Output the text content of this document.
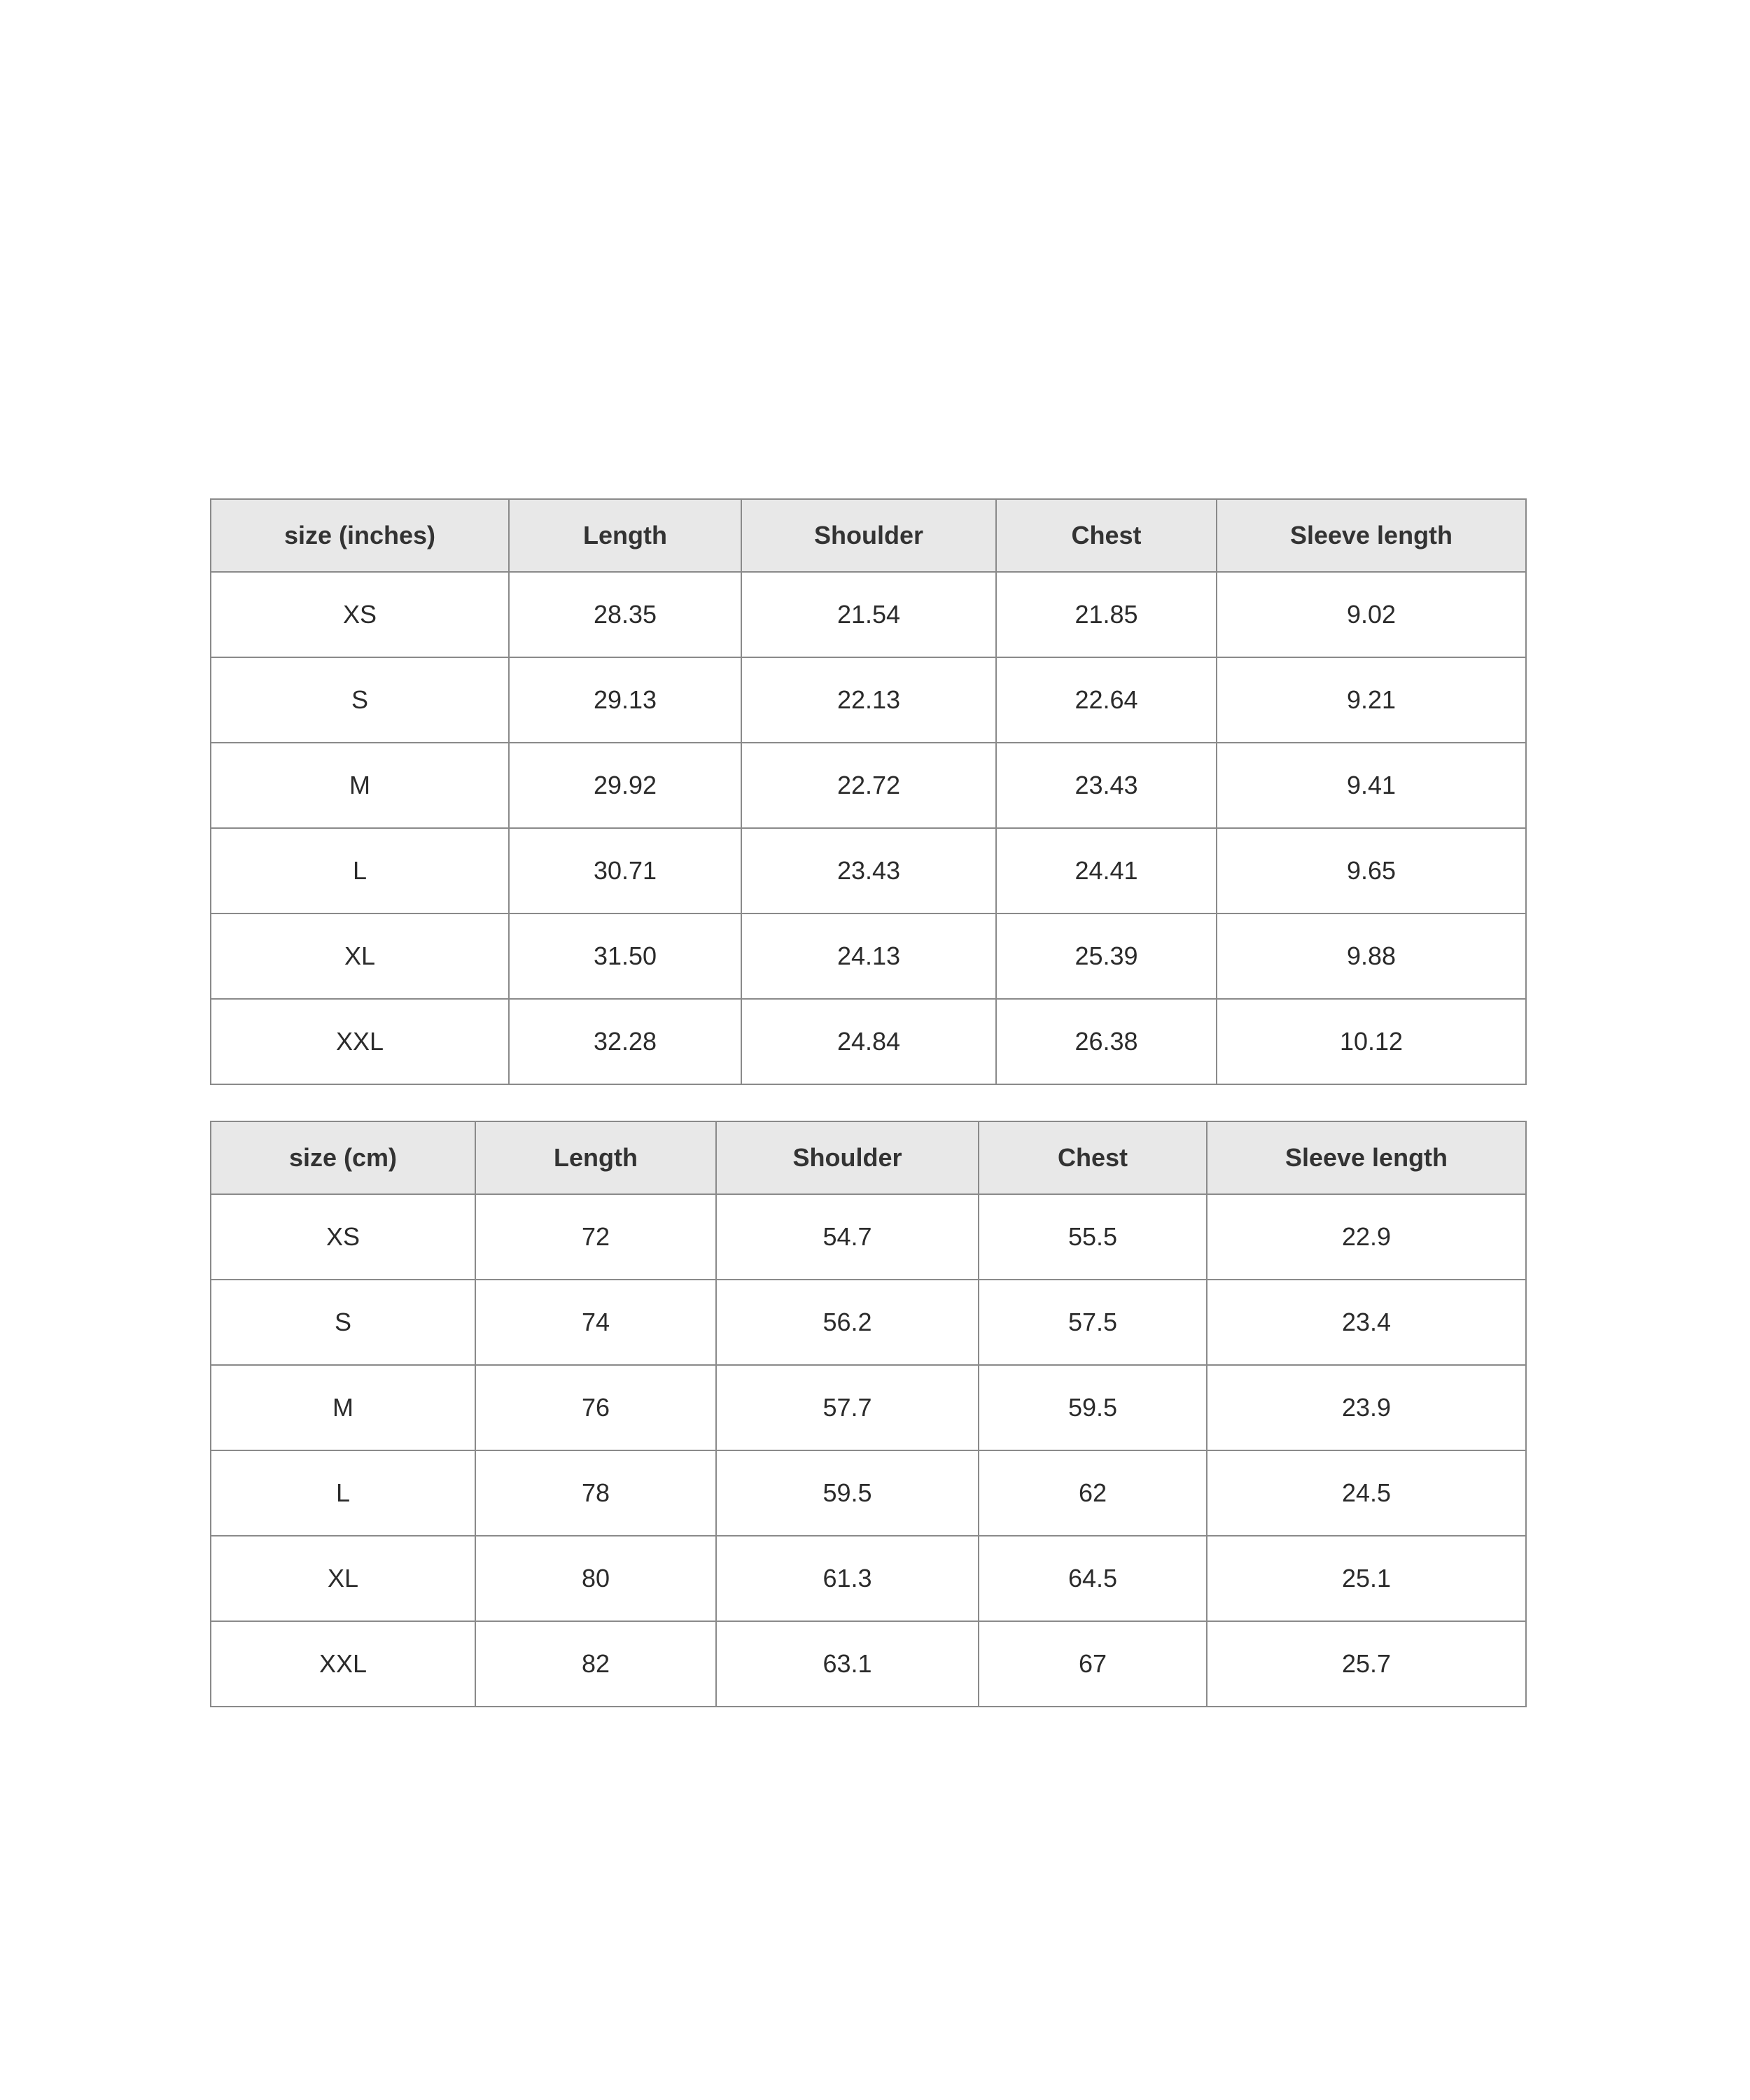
size (inches)	Length	Shoulder	Chest	Sleeve length
XS	28.35	21.54	21.85	9.02
S	29.13	22.13	22.64	9.21
M	29.92	22.72	23.43	9.41
L	30.71	23.43	24.41	9.65
XL	31.50	24.13	25.39	9.88
XXL	32.28	24.84	26.38	10.12
size (cm)	Length	Shoulder	Chest	Sleeve length
XS	72	54.7	55.5	22.9
S	74	56.2	57.5	23.4
M	76	57.7	59.5	23.9
L	78	59.5	62	24.5
XL	80	61.3	64.5	25.1
XXL	82	63.1	67	25.7
